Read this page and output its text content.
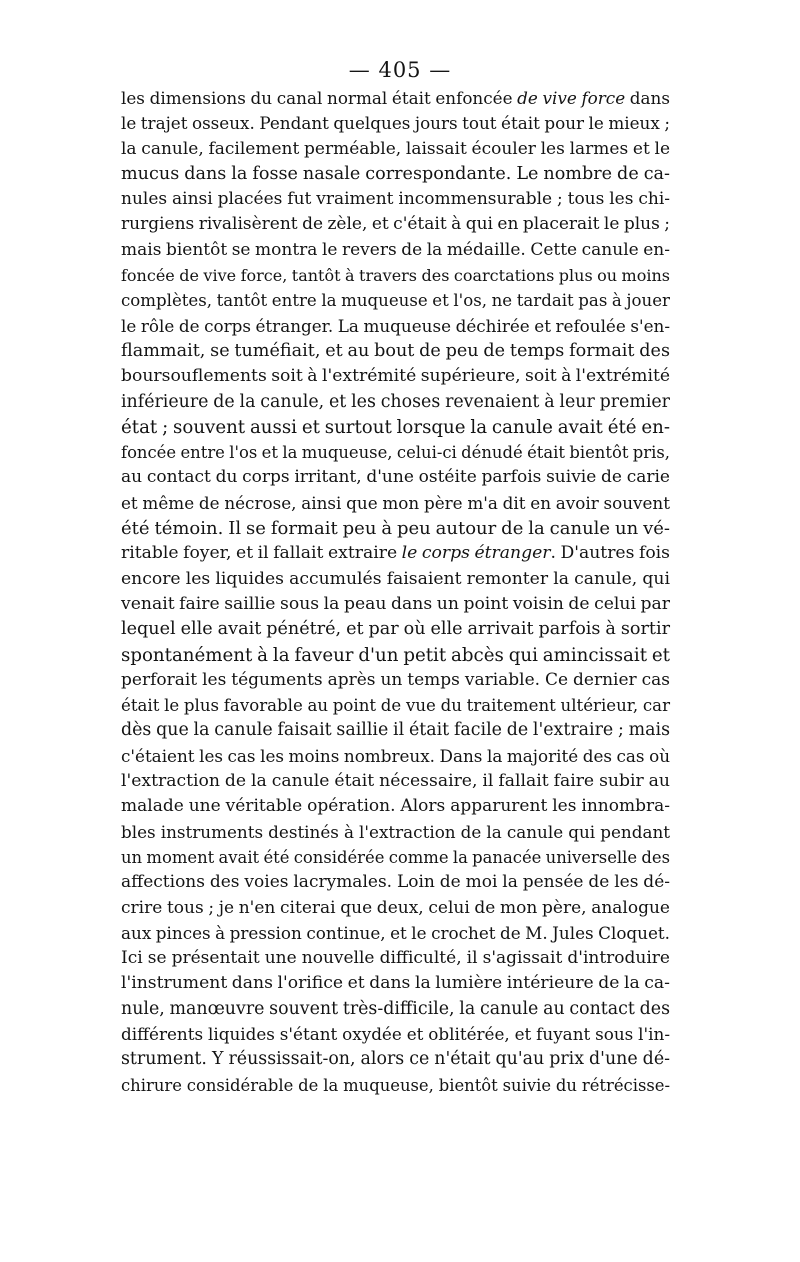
— 405 —
les dimensions du canal normal était enfoncée de vive force dans
le trajet osseux. Pendant quelques jours tout était pour le mieux ;
la canule, facilement perméable, laissait écouler les larmes et le
mucus dans la fosse nasale correspondante. Le nombre de ca-
nules ainsi placées fut vraiment incommensurable ; tous les chi-
rurgiens rivalisèrent de zèle, et c'était à qui en placerait le plus ;
mais bientôt se montra le revers de la médaille. Cette canule en-
foncée de vive force, tantôt à travers des coarctations plus ou moins
complètes, tantôt entre la muqueuse et l'os, ne tardait pas à jouer
le rôle de corps étranger. La muqueuse déchirée et refoulée s'en-
flammait, se tuméfiait, et au bout de peu de temps formait des
boursouflements soit à l'extrémité supérieure, soit à l'extrémité
inférieure de la canule, et les choses revenaient à leur premier
état ; souvent aussi et surtout lorsque la canule avait été en-
foncée entre l'os et la muqueuse, celui-ci dénudé était bientôt pris,
au contact du corps irritant, d'une ostéite parfois suivie de carie
et même de nécrose, ainsi que mon père m'a dit en avoir souvent
été témoin. Il se formait peu à peu autour de la canule un vé-
ritable foyer, et il fallait extraire le corps étranger. D'autres fois
encore les liquides accumulés faisaient remonter la canule, qui
venait faire saillie sous la peau dans un point voisin de celui par
lequel elle avait pénétré, et par où elle arrivait parfois à sortir
spontanément à la faveur d'un petit abcès qui amincissait et
perforait les téguments après un temps variable. Ce dernier cas
était le plus favorable au point de vue du traitement ultérieur, car
dès que la canule faisait saillie il était facile de l'extraire ; mais
c'étaient les cas les moins nombreux. Dans la majorité des cas où
l'extraction de la canule était nécessaire, il fallait faire subir au
malade une véritable opération. Alors apparurent les innombra-
bles instruments destinés à l'extraction de la canule qui pendant
un moment avait été considérée comme la panacée universelle des
affections des voies lacrymales. Loin de moi la pensée de les dé-
crire tous ; je n'en citerai que deux, celui de mon père, analogue
aux pinces à pression continue, et le crochet de M. Jules Cloquet.
Ici se présentait une nouvelle difficulté, il s'agissait d'introduire
l'instrument dans l'orifice et dans la lumière intérieure de la ca-
nule, manœuvre souvent très-difficile, la canule au contact des
différents liquides s'étant oxydée et oblitérée, et fuyant sous l'in-
strument. Y réussissait-on, alors ce n'était qu'au prix d'une dé-
chirure considérable de la muqueuse, bientôt suivie du rétrécisse-
